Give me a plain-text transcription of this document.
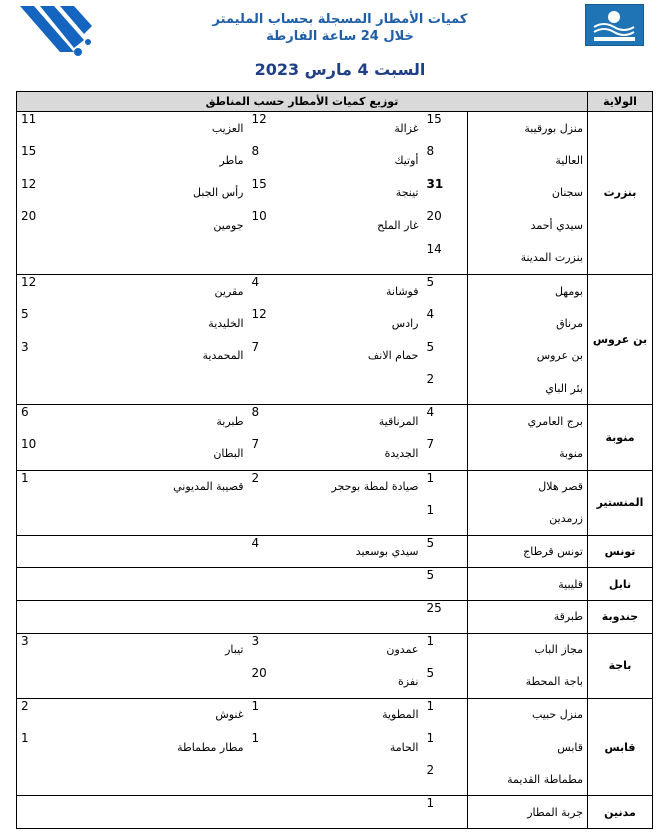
كميات الأمطار المسجلة بحساب المليمتر
خلال 24 ساعة الفارطة
السبت 4 مارس 2023
الولاية	توزيع كميات الأمطار حسب المناطق					
بنزرت	منزل بورقيبة	15	غزالة	12	العزيب	11
	العالية	8	أوتيك	8	ماطر	15
	سجنان	31	تينجة	15	رأس الجبل	12
	سيدي أحمد	20	غار الملح	10	جومين	20
	بنزرت المدينة	14				
بن عروس	بومهل	5	فوشانة	4	مقرين	12
	مرناق	4	رادس	12	الخليدية	5
	بن عروس	5	حمام الانف	7	المحمدية	3
	بئر الباي	2				
منوبة	برج العامري	4	المرناقية	8	طبربة	6
	منوبة	7	الجديدة	7	البطان	10
المنستير	قصر هلال	1	صيادة لمطة بوحجر	2	قصيبة المديوني	1
	زرمدين	1				
تونس	تونس قرطاج	5	سيدي بوسعيد	4		
نابل	قليبية	5				
جندوبة	طبرقة	25				
باجة	مجاز الباب	1	عمدون	3	تيبار	3
	باجة المحطة	5	نفزة	20		
قابس	منزل حبيب	1	المطوية	1	غنوش	2
	قابس	1	الحامة	1	مطار مطماطة	1
	مطماطة القديمة	2				
مدنين	جربة المطار	1				
